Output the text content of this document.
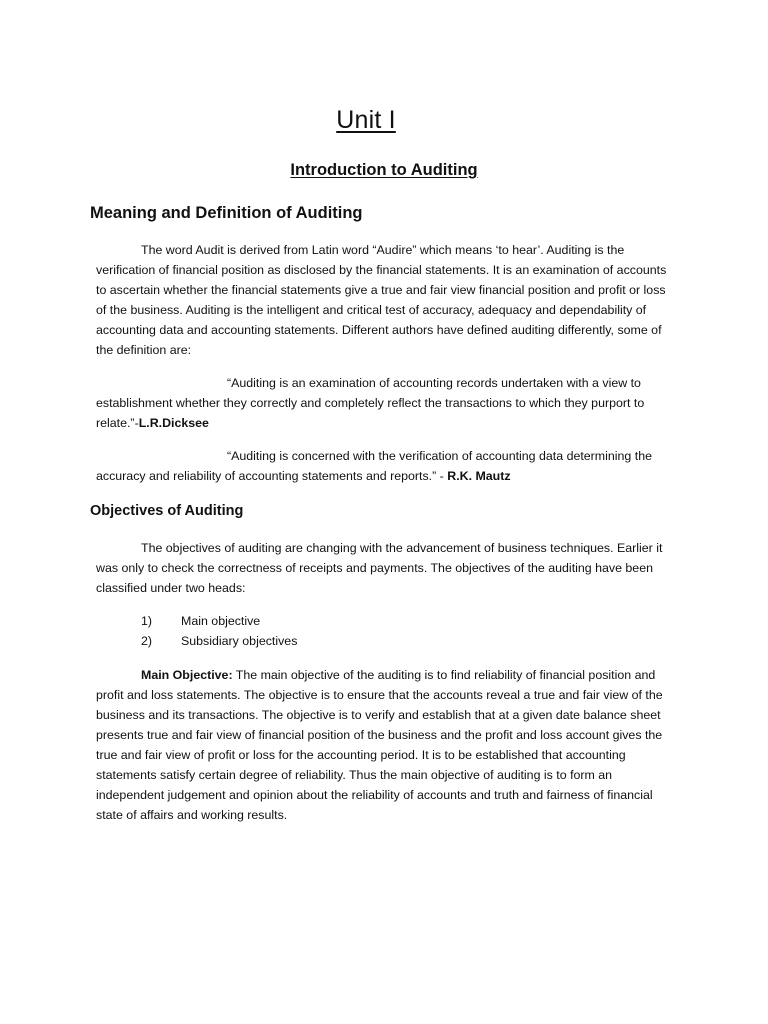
Unit I
Introduction to Auditing
Meaning and Definition of Auditing

The word Audit is derived from Latin word “Audire” which means ‘to hear’. Auditing is the verification of financial position as disclosed by the financial statements. It is an examination of accounts to ascertain whether the financial statements give a true and fair view financial position and profit or loss of the business. Auditing is the intelligent and critical test of accuracy, adequacy and dependability of accounting data and accounting statements. Different authors have defined auditing differently, some of the definition are:

“Auditing is an examination of accounting records undertaken with a view to establishment whether they correctly and completely reflect the transactions to which they purport to relate.”-L.R.Dicksee

“Auditing is concerned with the verification of accounting data determining the accuracy and reliability of accounting statements and reports.” - R.K. Mautz

Objectives of Auditing

The objectives of auditing are changing with the advancement of business techniques. Earlier it was only to check the correctness of receipts and payments. The objectives of the auditing have been classified under two heads:

1)	Main objective
2)	Subsidiary objectives

Main Objective: The main objective of the auditing is to find reliability of financial position and profit and loss statements. The objective is to ensure that the accounts reveal a true and fair view of the business and its transactions. The objective is to verify and establish that at a given date balance sheet presents true and fair view of financial position of the business and the profit and loss account gives the true and fair view of profit or loss for the accounting period. It is to be established that accounting statements satisfy certain degree of reliability. Thus the main objective of auditing is to form an independent judgement and opinion about the reliability of accounts and truth and fairness of financial state of affairs and working results.
